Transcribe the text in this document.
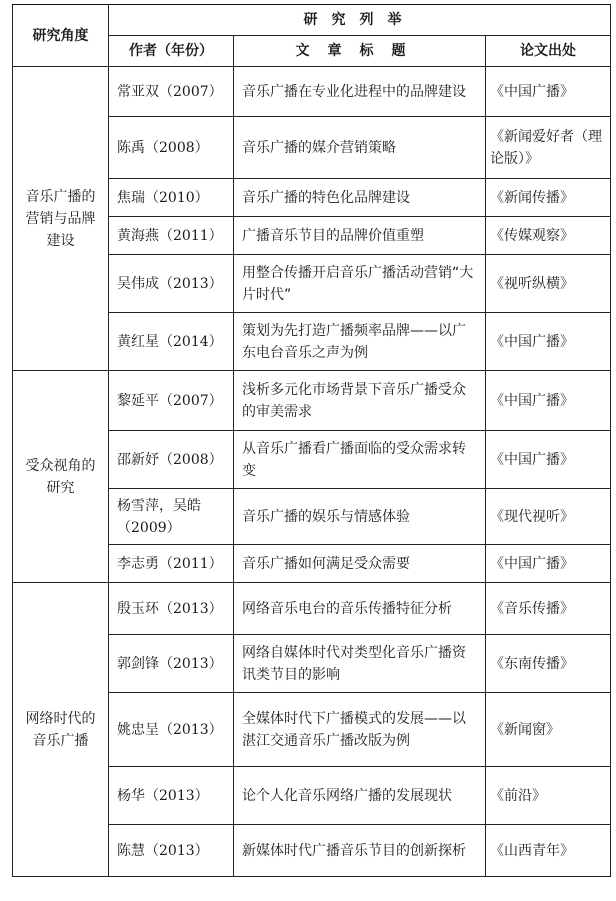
研究角度	研究列举		
	作者（年份）	文章标题	论文出处
音乐广播的营销与品牌建设	常亚双（2007）	音乐广播在专业化进程中的品牌建设	《中国广播》
	陈禹（2008）	音乐广播的媒介营销策略	《新闻爱好者（理论版）》
	焦瑞（2010）	音乐广播的特色化品牌建设	《新闻传播》
	黄海燕（2011）	广播音乐节目的品牌价值重塑	《传媒观察》
	吴伟成（2013）	用整合传播开启音乐广播活动营销“大片时代”	《视听纵横》
	黄红星（2014）	策划为先打造广播频率品牌——以广东电台音乐之声为例	《中国广播》
受众视角的研究	黎延平（2007）	浅析多元化市场背景下音乐广播受众的审美需求	《中国广播》
	邵新妤（2008）	从音乐广播看广播面临的受众需求转变	《中国广播》
	杨雪萍，吴皓（2009）	音乐广播的娱乐与情感体验	《现代视听》
	李志勇（2011）	音乐广播如何满足受众需要	《中国广播》
网络时代的音乐广播	殷玉环（2013）	网络音乐电台的音乐传播特征分析	《音乐传播》
	郭剑锋（2013）	网络自媒体时代对类型化音乐广播资讯类节目的影响	《东南传播》
	姚忠呈（2013）	全媒体时代下广播模式的发展——以湛江交通音乐广播改版为例	《新闻窗》
	杨华（2013）	论个人化音乐网络广播的发展现状	《前沿》
	陈慧（2013）	新媒体时代广播音乐节目的创新探析	《山西青年》
